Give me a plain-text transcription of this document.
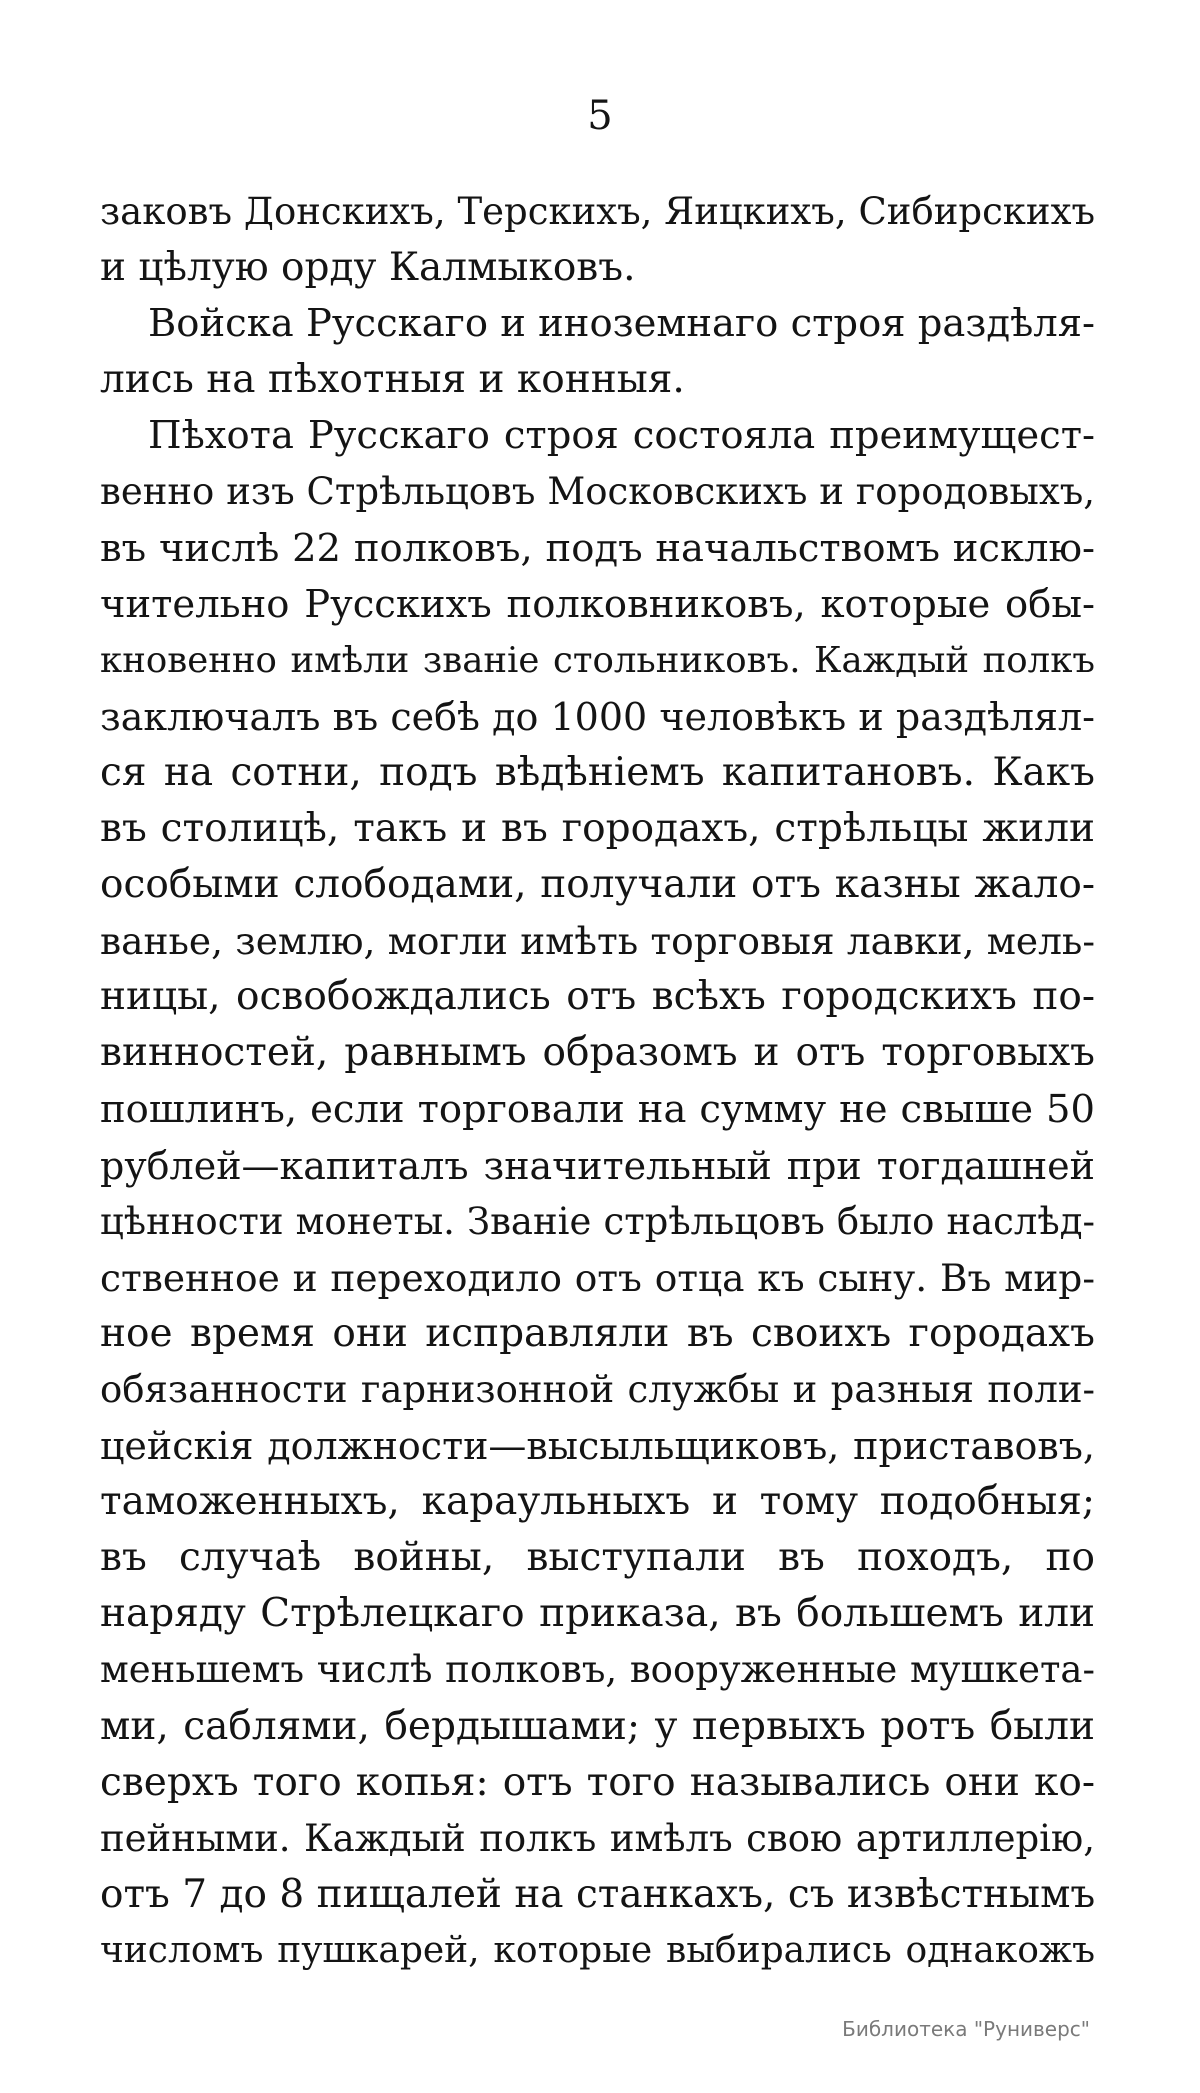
5
заковъ Донскихъ, Терскихъ, Яицкихъ, Сибирскихъ
и цѣлую орду Калмыковъ.
Войска Русскаго и иноземнаго строя раздѣля-
лись на пѣхотныя и конныя.
Пѣхота Русскаго строя состояла преимущест-
венно изъ Стрѣльцовъ Московскихъ и городовыхъ,
въ числѣ 22 полковъ, подъ начальствомъ исклю-
чительно Русскихъ полковниковъ, которые обы-
кновенно имѣли званіе стольниковъ. Каждый полкъ
заключалъ въ себѣ до 1000 человѣкъ и раздѣлял-
ся на сотни, подъ вѣдѣніемъ капитановъ. Какъ
въ столицѣ, такъ и въ городахъ, стрѣльцы жили
особыми слободами, получали отъ казны жало-
ванье, землю, могли имѣть торговыя лавки, мель-
ницы, освобождались отъ всѣхъ городскихъ по-
винностей, равнымъ образомъ и отъ торговыхъ
пошлинъ, если торговали на сумму не свыше 50
рублей—капиталъ значительный при тогдашней
цѣнности монеты. Званіе стрѣльцовъ было наслѣд-
ственное и переходило отъ отца къ сыну. Въ мир-
ное время они исправляли въ своихъ городахъ
обязанности гарнизонной службы и разныя поли-
цейскія должности—высыльщиковъ, приставовъ,
таможенныхъ, караульныхъ и тому подобныя;
въ случаѣ войны, выступали въ походъ, по
наряду Стрѣлецкаго приказа, въ большемъ или
меньшемъ числѣ полковъ, вооруженные мушкета-
ми, саблями, бердышами; у первыхъ ротъ были
сверхъ того копья: отъ того назывались они ко-
пейными. Каждый полкъ имѣлъ свою артиллерію,
отъ 7 до 8 пищалей на станкахъ, съ извѣстнымъ
числомъ пушкарей, которые выбирались однакожъ
Библиотека "Руниверс"
